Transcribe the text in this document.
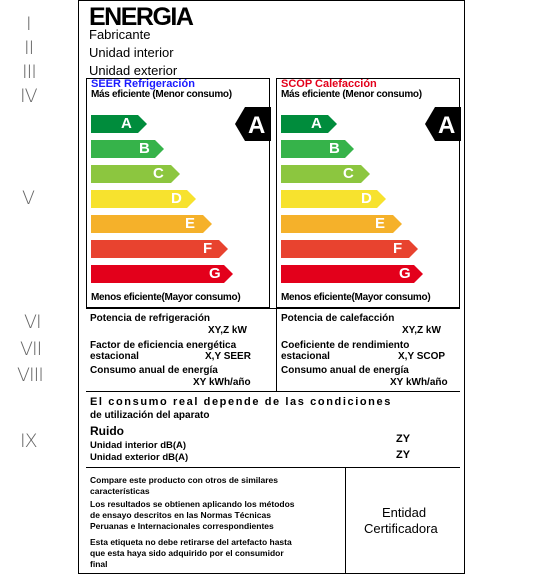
I
II
III
IV
V
VI
VII
VIII
IX
ENERGIA
Fabricante
Unidad interior
Unidad exterior
SEER Refrigeración
Más eficiente (Menor consumo)
A
B
C
D
E
F
G
A
Menos eficiente(Mayor consumo)
SCOP Calefacción
Más eficiente (Menor consumo)
A
B
C
D
E
F
G
A
Menos eficiente(Mayor consumo)
Potencia de refrigeración
XY,Z kW
Factor de eficiencia energética
estacional	X,Y SEER
Consumo anual de energía
XY kWh/año
Potencia de calefacción
XY,Z kW
Coeficiente de rendimiento
estacional	X,Y SCOP
Consumo anual de energía
XY kWh/año
El consumo real depende de las condiciones
de utilización del aparato
Ruido
Unidad interior dB(A)
ZY
Unidad exterior dB(A)	ZY
Compare este producto con otros de similares
características
Los resultados se obtienen aplicando los métodos
de ensayo descritos en las Normas Técnicas
Peruanas e Internacionales correspondientes
Esta etiqueta no debe retirarse del artefacto hasta
que esta haya sido adquirido por el consumidor
final
Entidad
Certificadora
